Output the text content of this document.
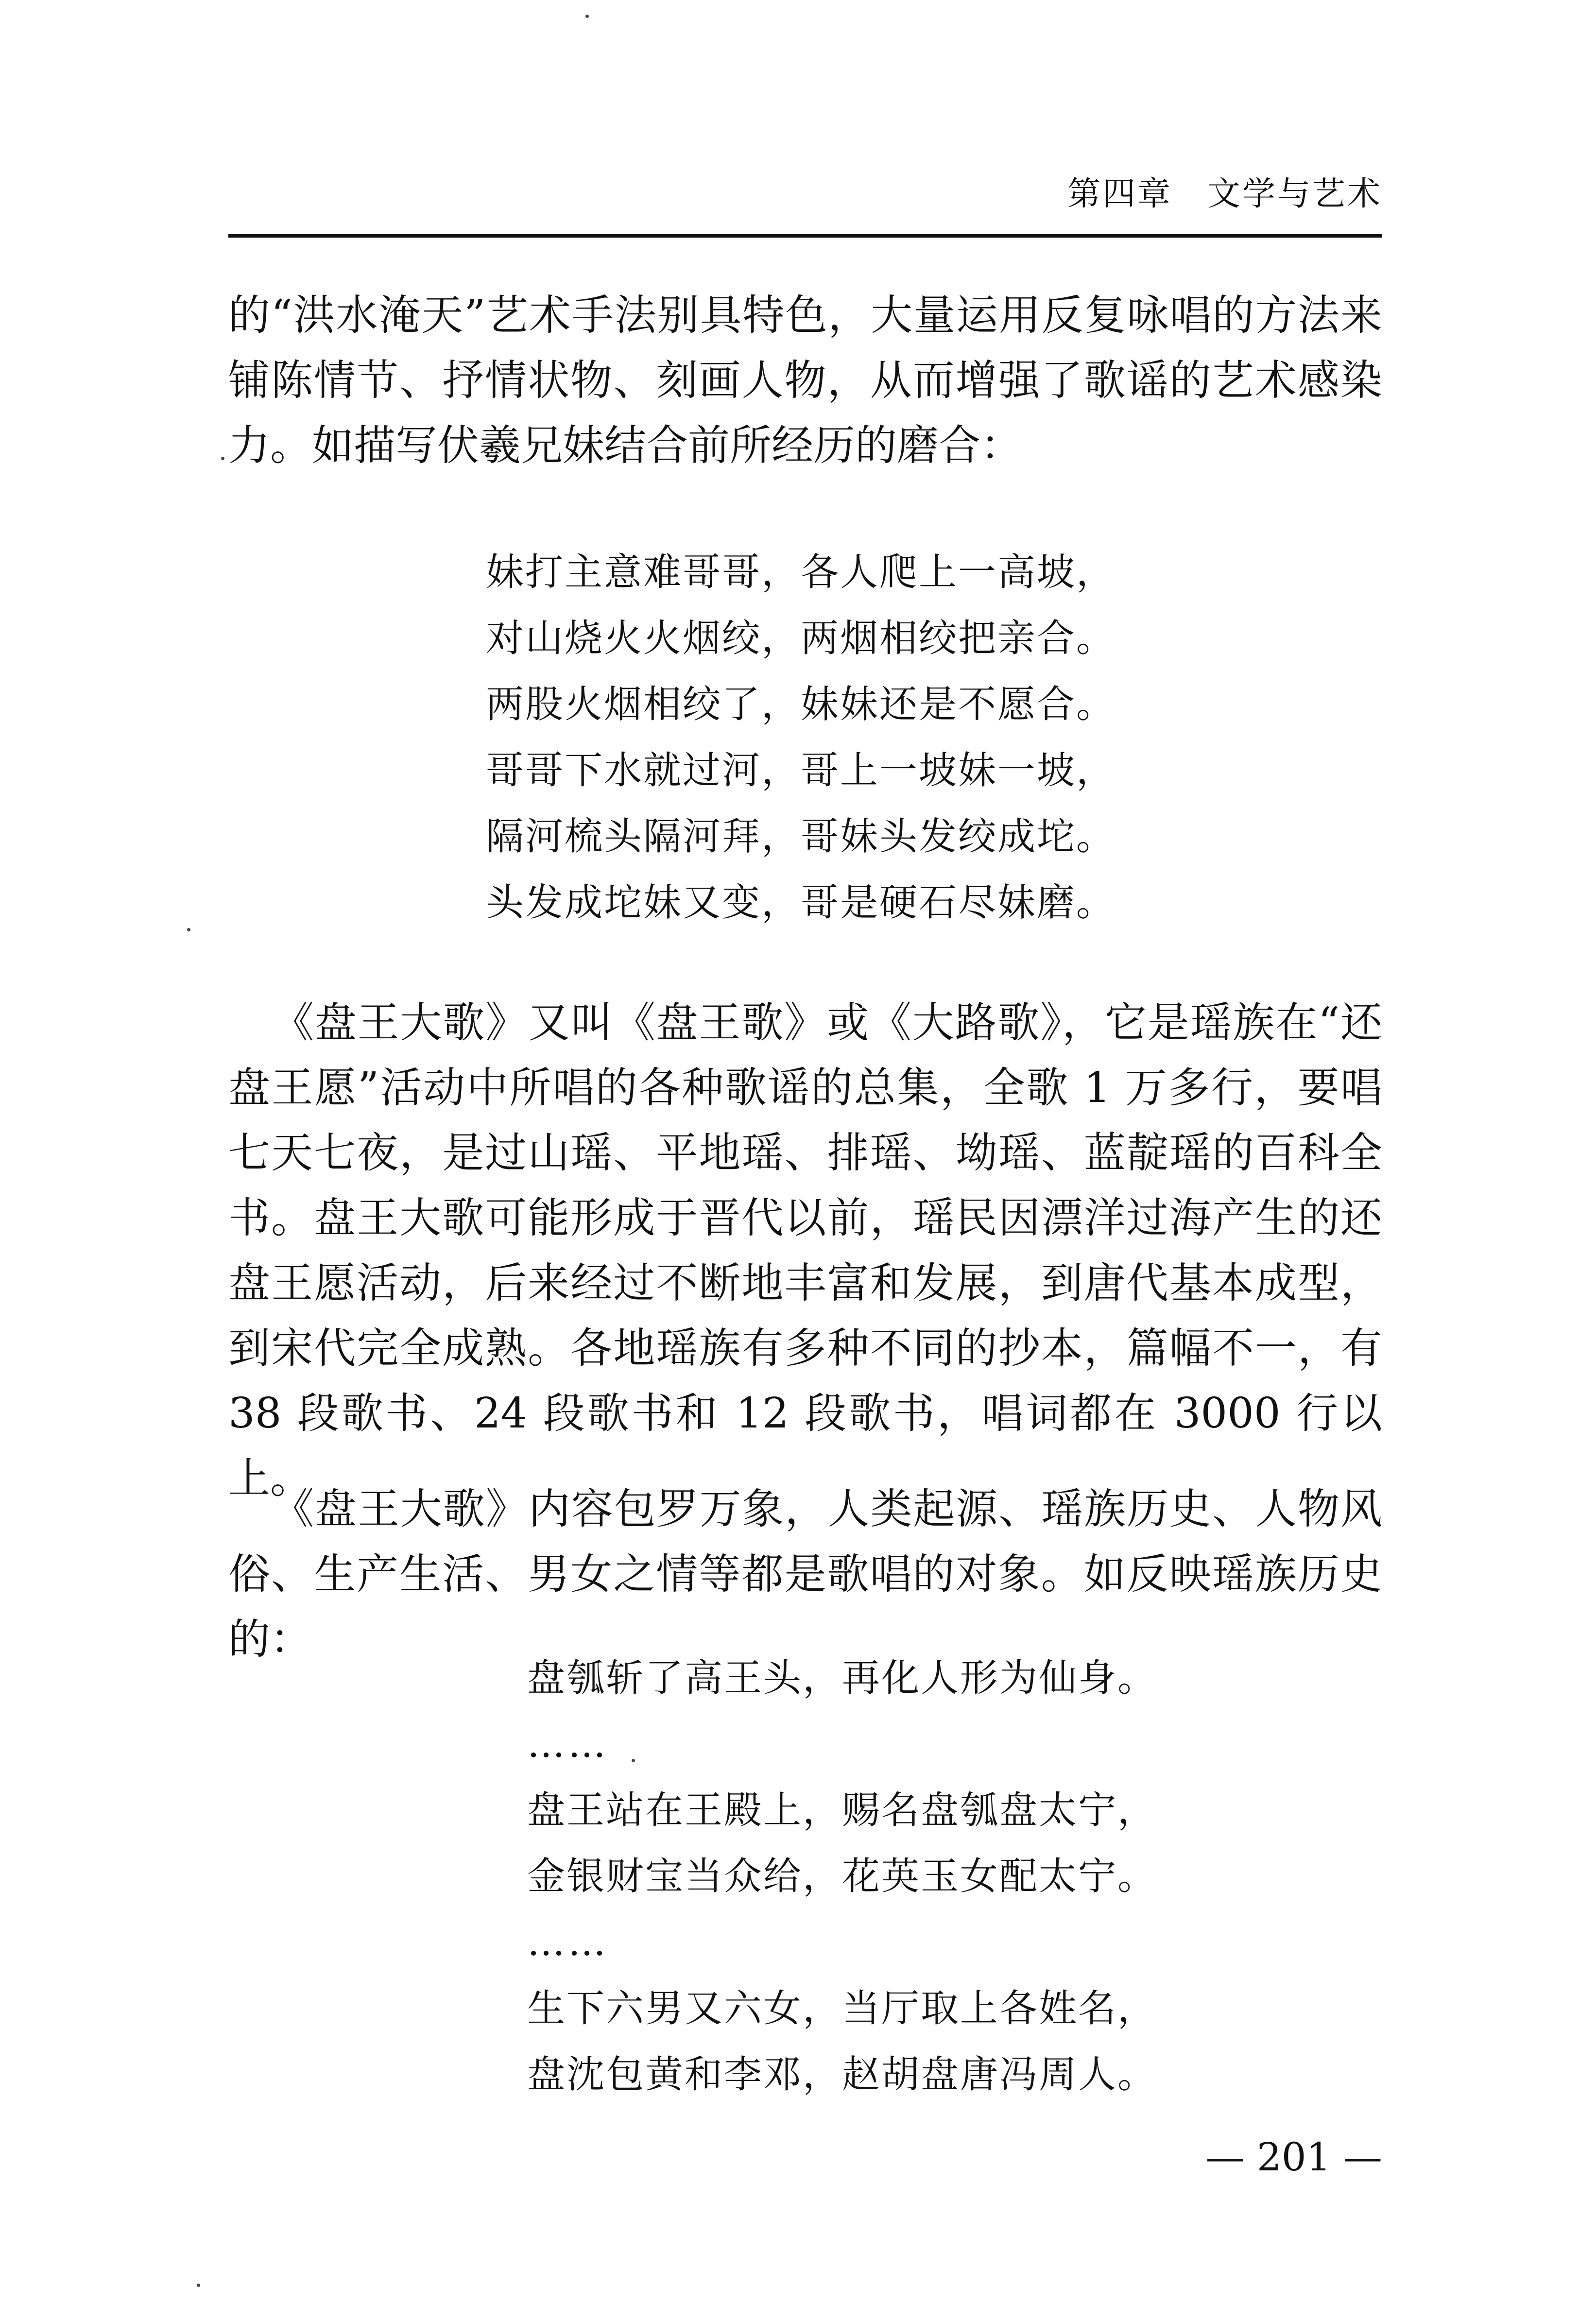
第四章　文学与艺术

的“洪水淹天”艺术手法别具特色，大量运用反复咏唱的方法来铺陈情节、抒情状物、刻画人物，从而增强了歌谣的艺术感染力。如描写伏羲兄妹结合前所经历的磨合：

妹打主意难哥哥，各人爬上一高坡，
对山烧火火烟绞，两烟相绞把亲合。
两股火烟相绞了，妹妹还是不愿合。
哥哥下水就过河，哥上一坡妹一坡，
隔河梳头隔河拜，哥妹头发绞成坨。
头发成坨妹又变，哥是硬石尽妹磨。

《盘王大歌》又叫《盘王歌》或《大路歌》，它是瑶族在“还盘王愿”活动中所唱的各种歌谣的总集，全歌 1 万多行，要唱七天七夜，是过山瑶、平地瑶、排瑶、坳瑶、蓝靛瑶的百科全书。盘王大歌可能形成于晋代以前，瑶民因漂洋过海产生的还盘王愿活动，后来经过不断地丰富和发展，到唐代基本成型，到宋代完全成熟。各地瑶族有多种不同的抄本，篇幅不一，有 38 段歌书、24 段歌书和 12 段歌书，唱词都在 3000 行以上。

《盘王大歌》内容包罗万象，人类起源、瑶族历史、人物风俗、生产生活、男女之情等都是歌唱的对象。如反映瑶族历史的：

盘瓠斩了高王头，再化人形为仙身。
……
盘王站在王殿上，赐名盘瓠盘太宁，
金银财宝当众给，花英玉女配太宁。
……
生下六男又六女，当厅取上各姓名，
盘沈包黄和李邓，赵胡盘唐冯周人。
— 201 —
